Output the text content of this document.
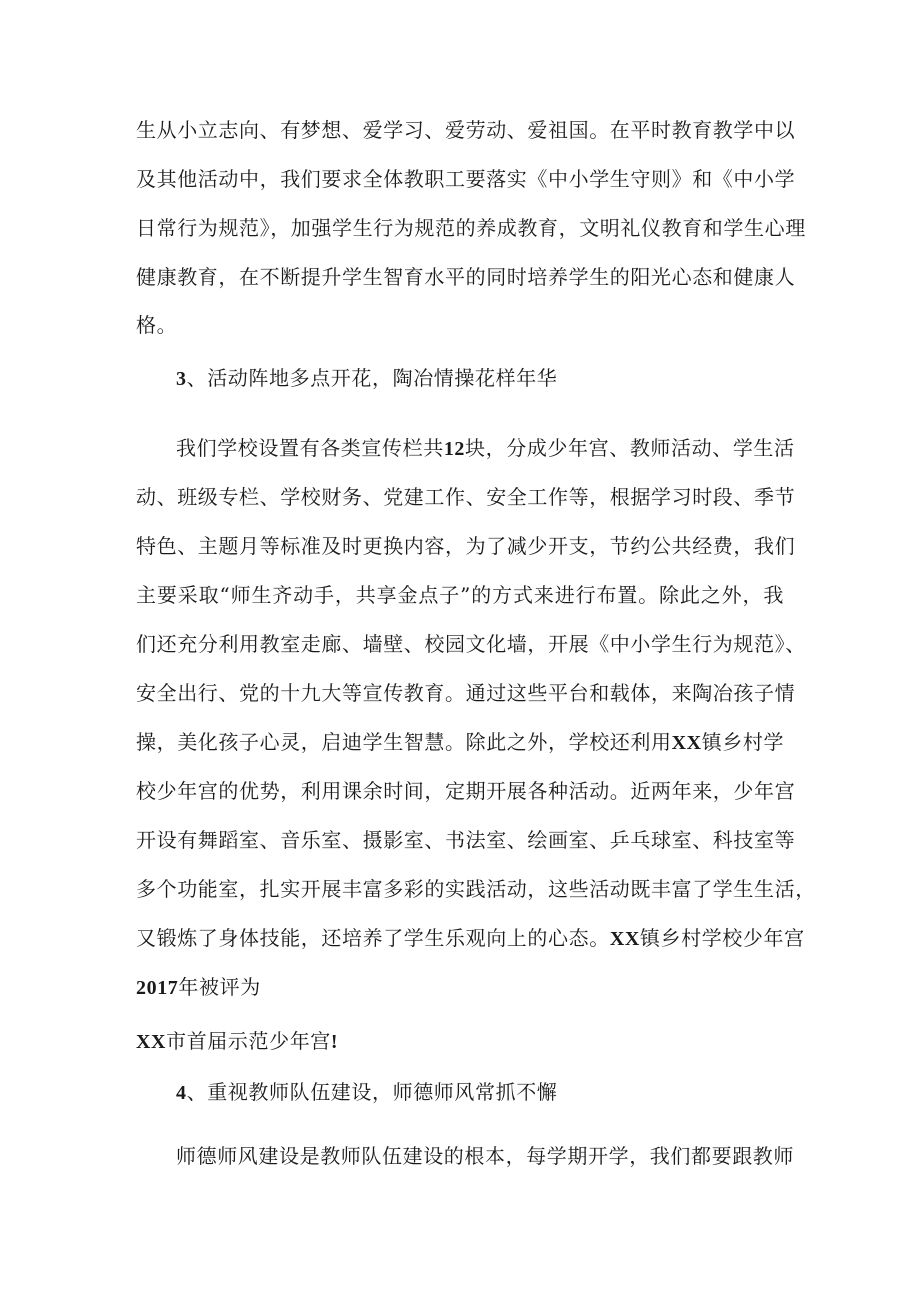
生从小立志向、有梦想、爱学习、爱劳动、爱祖国。在平时教育教学中以
及其他活动中，我们要求全体教职工要落实《中小学生守则》和《中小学
日常行为规范》，加强学生行为规范的养成教育，文明礼仪教育和学生心理
健康教育，在不断提升学生智育水平的同时培养学生的阳光心态和健康人
格。
3、活动阵地多点开花，陶冶情操花样年华
我们学校设置有各类宣传栏共12块，分成少年宫、教师活动、学生活
动、班级专栏、学校财务、党建工作、安全工作等，根据学习时段、季节
特色、主题月等标准及时更换内容，为了减少开支，节约公共经费，我们
主要采取“师生齐动手，共享金点子”的方式来进行布置。除此之外，我
们还充分利用教室走廊、墙壁、校园文化墙，开展《中小学生行为规范》、
安全出行、党的十九大等宣传教育。通过这些平台和载体，来陶冶孩子情
操，美化孩子心灵，启迪学生智慧。除此之外，学校还利用XX镇乡村学
校少年宫的优势，利用课余时间，定期开展各种活动。近两年来，少年宫
开设有舞蹈室、音乐室、摄影室、书法室、绘画室、乒乓球室、科技室等
多个功能室，扎实开展丰富多彩的实践活动，这些活动既丰富了学生生活，
又锻炼了身体技能，还培养了学生乐观向上的心态。XX镇乡村学校少年宫
2017年被评为
XX市首届示范少年宫!
4、重视教师队伍建设，师德师风常抓不懈
师德师风建设是教师队伍建设的根本，每学期开学，我们都要跟教师
